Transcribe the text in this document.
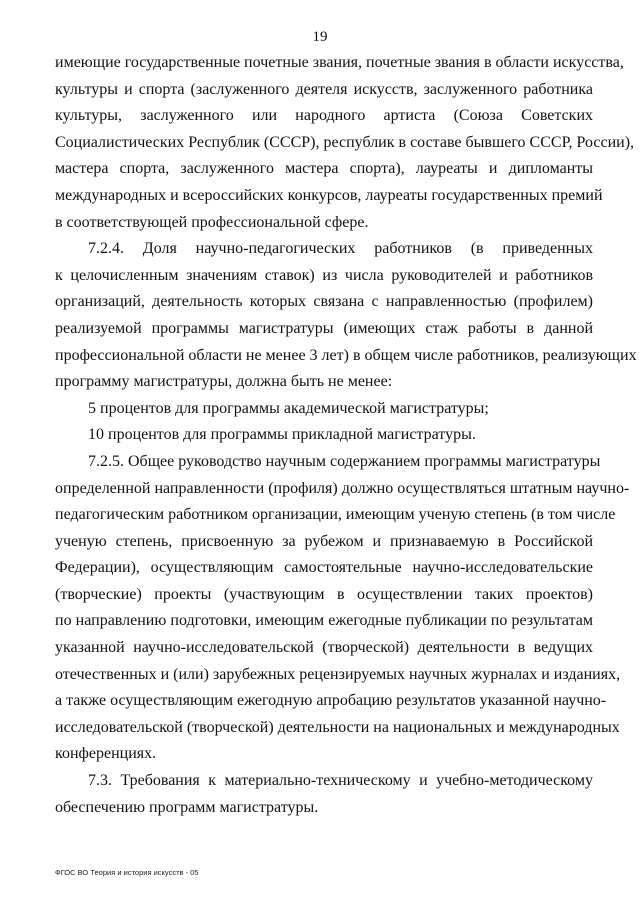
19
имеющие государственные почетные звания, почетные звания в области искусства,
культуры и спорта (заслуженного деятеля искусств, заслуженного работника
культуры, заслуженного или народного артиста (Союза Советских
Социалистических Республик (СССР), республик в составе бывшего СССР, России),
мастера спорта, заслуженного мастера спорта), лауреаты и дипломанты
международных и всероссийских конкурсов, лауреаты государственных премий
в соответствующей профессиональной сфере.
7.2.4. Доля научно-педагогических работников (в приведенных
к целочисленным значениям ставок) из числа руководителей и работников
организаций, деятельность которых связана с направленностью (профилем)
реализуемой программы магистратуры (имеющих стаж работы в данной
профессиональной области не менее 3 лет) в общем числе работников, реализующих
программу магистратуры, должна быть не менее:
5 процентов для программы академической магистратуры;
10 процентов для программы прикладной магистратуры.
7.2.5. Общее руководство научным содержанием программы магистратуры
определенной направленности (профиля) должно осуществляться штатным научно-
педагогическим работником организации, имеющим ученую степень (в том числе
ученую степень, присвоенную за рубежом и признаваемую в Российской
Федерации), осуществляющим самостоятельные научно-исследовательские
(творческие) проекты (участвующим в осуществлении таких проектов)
по направлению подготовки, имеющим ежегодные публикации по результатам
указанной научно-исследовательской (творческой) деятельности в ведущих
отечественных и (или) зарубежных рецензируемых научных журналах и изданиях,
а также осуществляющим ежегодную апробацию результатов указанной научно-
исследовательской (творческой) деятельности на национальных и международных
конференциях.
7.3. Требования к материально-техническому и учебно-методическому
обеспечению программ магистратуры.
ФГОС ВО Теория и история искусств - 05
